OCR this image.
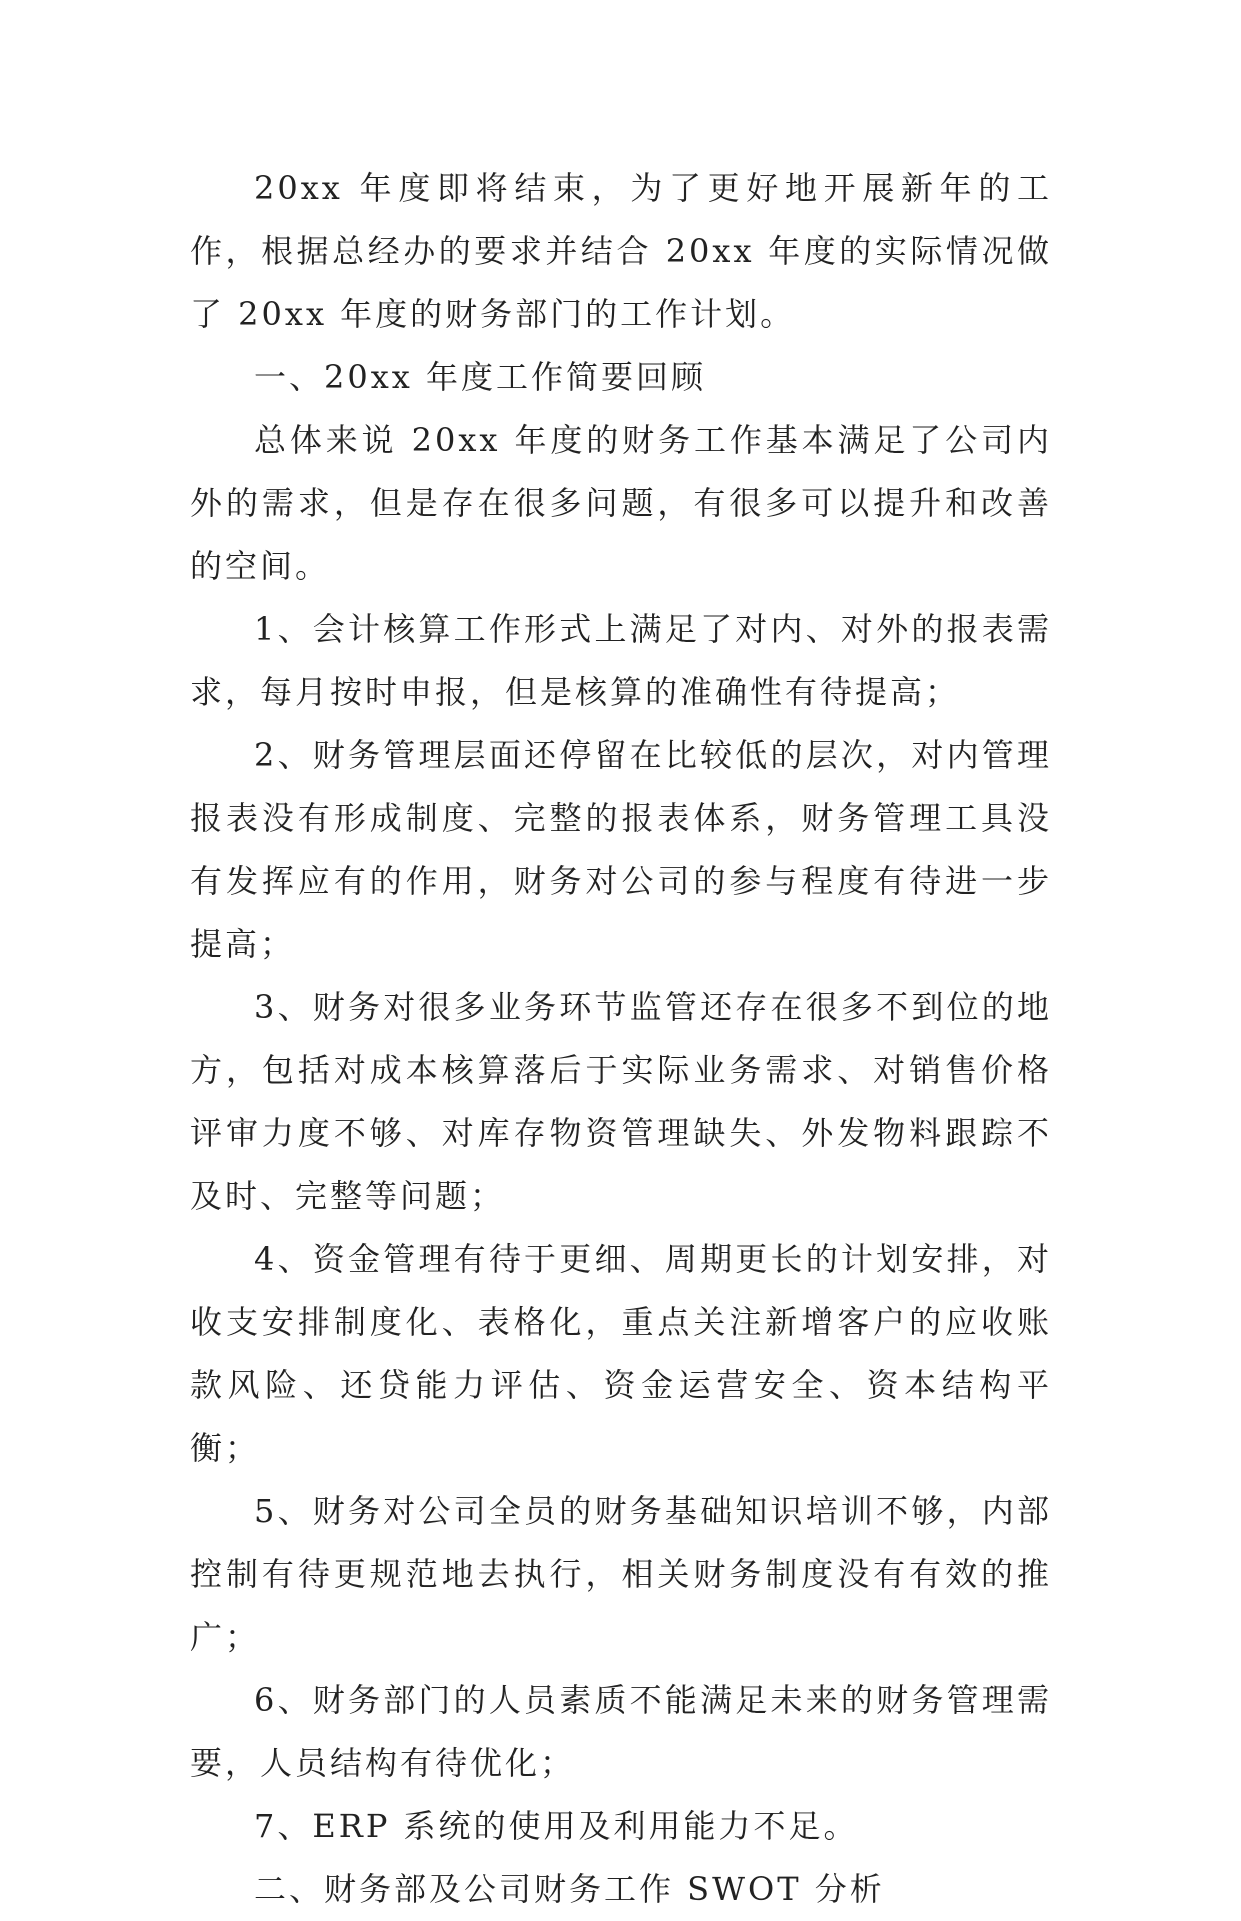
20xx 年度即将结束，为了更好地开展新年的工作，根据总经办的要求并结合 20xx 年度的实际情况做了 20xx 年度的财务部门的工作计划。

一、20xx 年度工作简要回顾

总体来说 20xx 年度的财务工作基本满足了公司内外的需求，但是存在很多问题，有很多可以提升和改善的空间。

1、会计核算工作形式上满足了对内、对外的报表需求，每月按时申报，但是核算的准确性有待提高；

2、财务管理层面还停留在比较低的层次，对内管理报表没有形成制度、完整的报表体系，财务管理工具没有发挥应有的作用，财务对公司的参与程度有待进一步提高；

3、财务对很多业务环节监管还存在很多不到位的地方，包括对成本核算落后于实际业务需求、对销售价格评审力度不够、对库存物资管理缺失、外发物料跟踪不及时、完整等问题；

4、资金管理有待于更细、周期更长的计划安排，对收支安排制度化、表格化，重点关注新增客户的应收账款风险、还贷能力评估、资金运营安全、资本结构平衡；

5、财务对公司全员的财务基础知识培训不够，内部控制有待更规范地去执行，相关财务制度没有有效的推广；

6、财务部门的人员素质不能满足未来的财务管理需要，人员结构有待优化；

7、ERP 系统的使用及利用能力不足。

二、财务部及公司财务工作 SWOT 分析
